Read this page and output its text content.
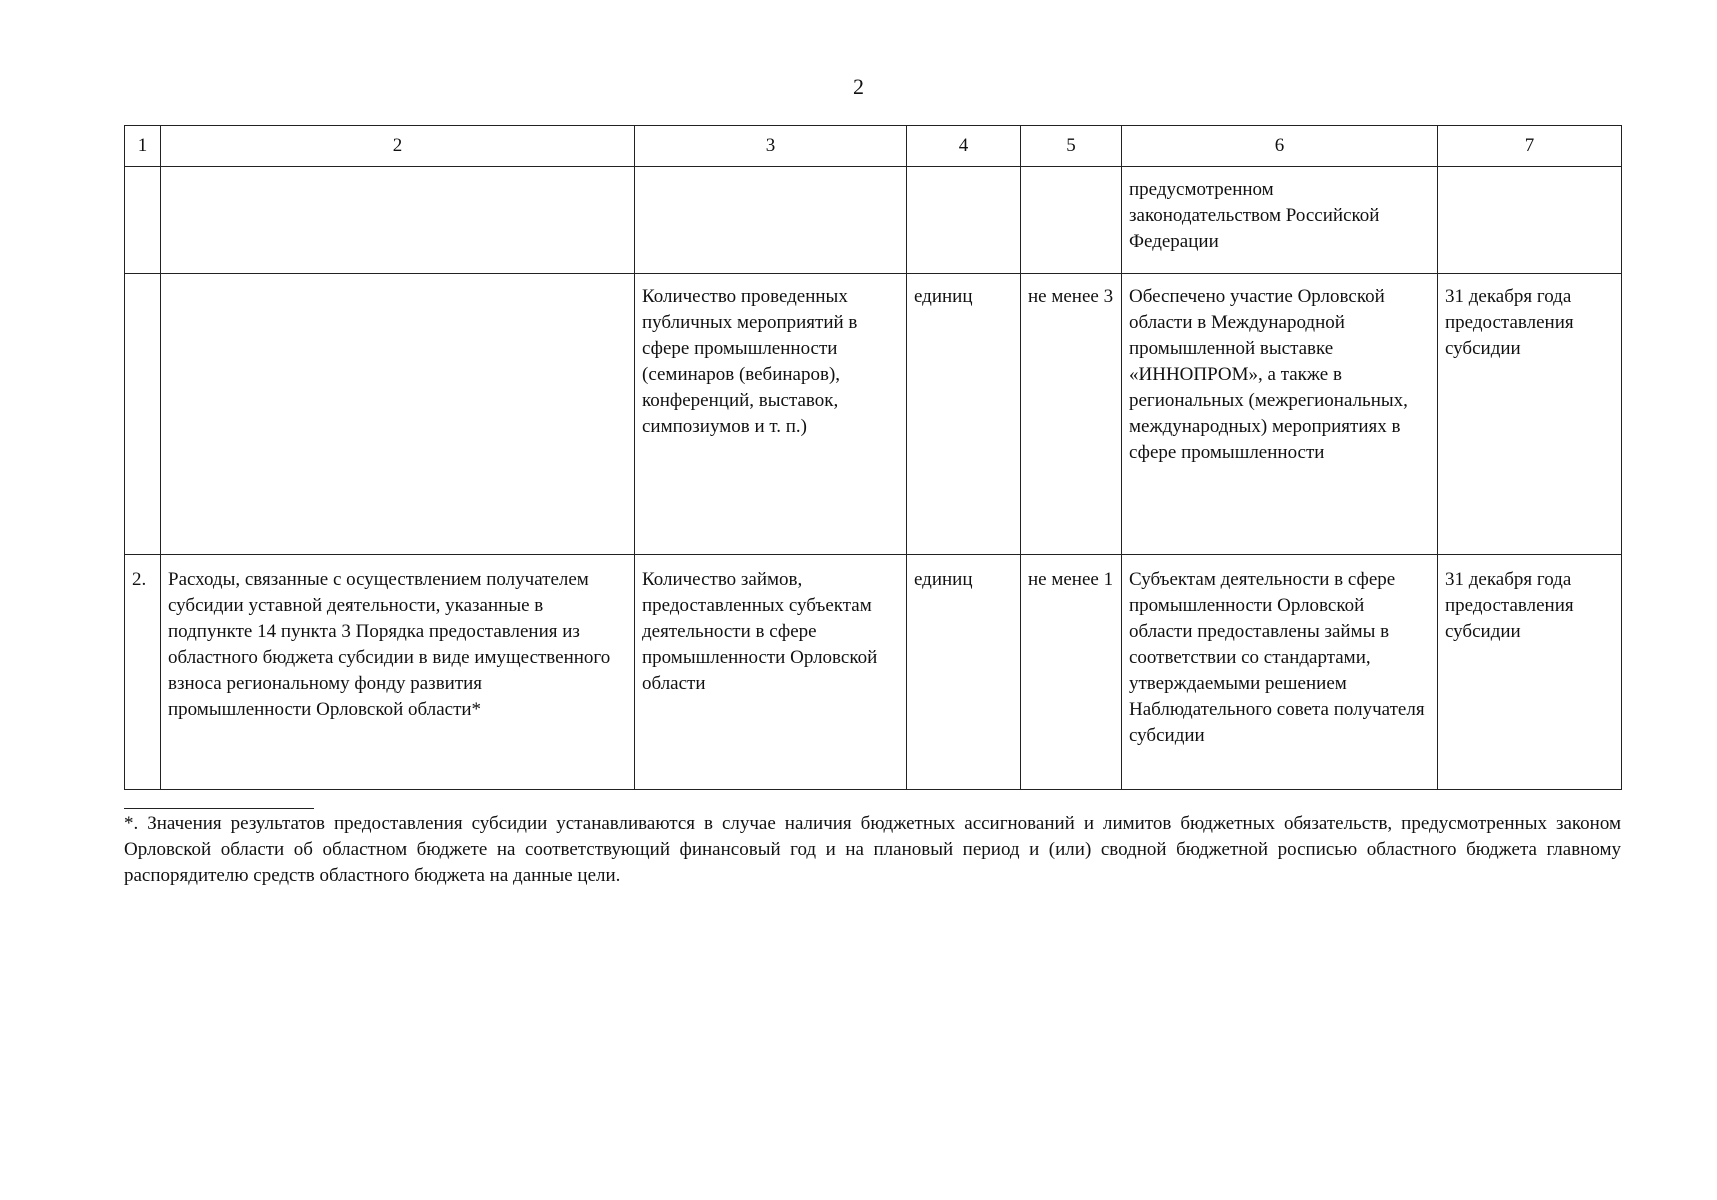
2
1	2	3	4	5	6	7
					предусмотренном законодательством Российской Федерации	
		Количество проведенных публичных мероприятий в сфере промышленности (семинаров (вебинаров), конференций, выставок, симпозиумов и т. п.)	единиц	не менее 3	Обеспечено участие Орловской области в Международной промышленной выставке «ИННОПРОМ», а также в региональных (межрегиональных, международных) мероприятиях в сфере промышленности	31 декабря года предоставления субсидии
2.	Расходы, связанные с осуществлением получателем субсидии уставной деятельности, указанные в подпункте 14 пункта 3 Порядка предоставления из областного бюджета субсидии в виде имущественного взноса региональному фонду развития промышленности Орловской области*	Количество займов, предоставленных субъектам деятельности в сфере промышленности Орловской области	единиц	не менее 1	Субъектам деятельности в сфере промышленности Орловской области предоставлены займы в соответствии со стандартами, утверждаемыми решением Наблюдательного совета получателя субсидии	31 декабря года предоставления субсидии
*. Значения результатов предоставления субсидии устанавливаются в случае наличия бюджетных ассигнований и лимитов бюджетных обязательств, предусмотренных законом Орловской области об областном бюджете на соответствующий финансовый год и на плановый период и (или) сводной бюджетной росписью областного бюджета главному распорядителю средств областного бюджета на данные цели.
